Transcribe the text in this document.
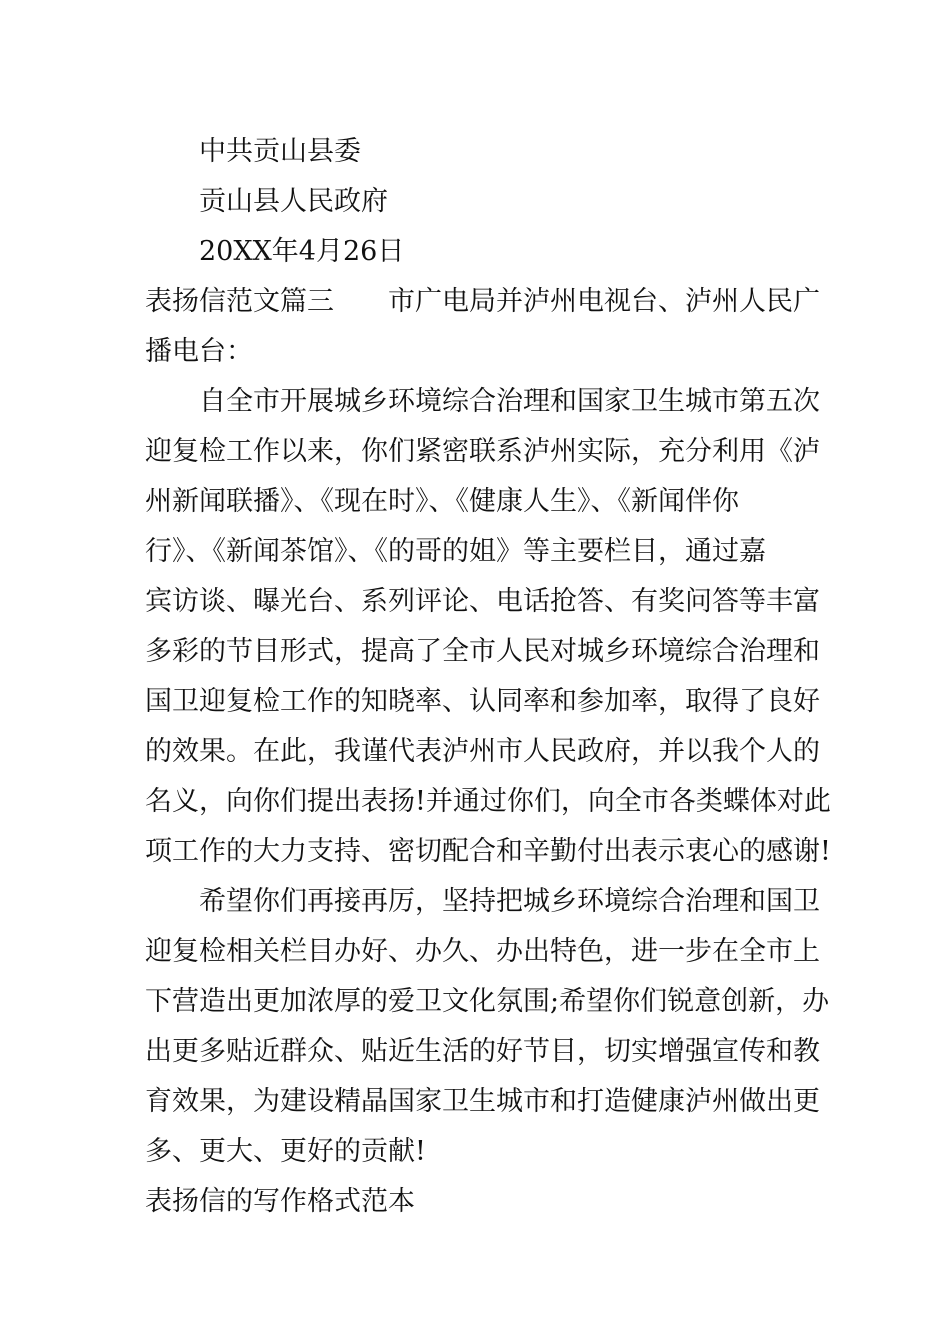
中共贡山县委
贡山县人民政府
20XX年4月26日
表扬信范文篇三 市广电局并泸州电视台、泸州人民广
播电台：
自全市开展城乡环境综合治理和国家卫生城市第五次
迎复检工作以来，你们紧密联系泸州实际，充分利用《泸
州新闻联播》、《现在时》、《健康人生》、《新闻伴你
行》、《新闻茶馆》、《的哥的姐》等主要栏目，通过嘉
宾访谈、曝光台、系列评论、电话抢答、有奖问答等丰富
多彩的节目形式，提高了全市人民对城乡环境综合治理和
国卫迎复检工作的知晓率、认同率和参加率，取得了良好
的效果。在此，我谨代表泸州市人民政府，并以我个人的
名义，向你们提出表扬!并通过你们，向全市各类蝶体对此
项工作的大力支持、密切配合和辛勤付出表示衷心的感谢!
希望你们再接再厉，坚持把城乡环境综合治理和国卫
迎复检相关栏目办好、办久、办出特色，进一步在全市上
下营造出更加浓厚的爱卫文化氛围;希望你们锐意创新，办
出更多贴近群众、贴近生活的好节目，切实增强宣传和教
育效果，为建设精晶国家卫生城市和打造健康泸州做出更
多、更大、更好的贡献!
表扬信的写作格式范本
